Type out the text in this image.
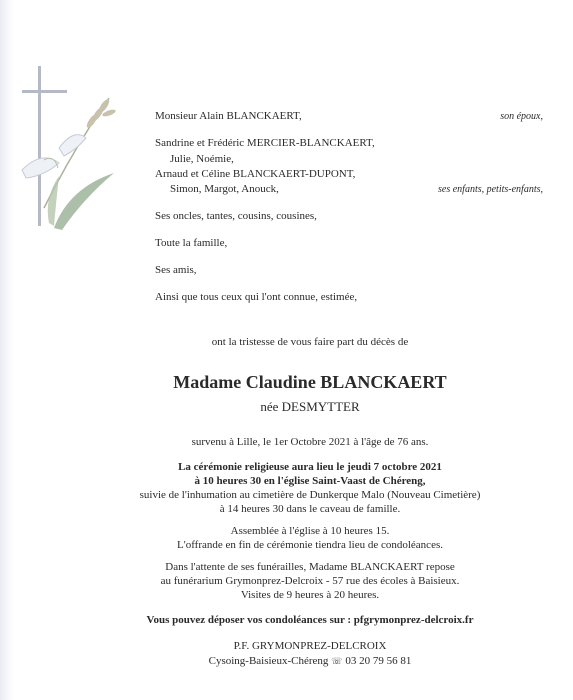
Monsieur Alain BLANCKAERT,	son époux,
Sandrine et Frédéric MERCIER-BLANCKAERT,
Julie, Noémie,
Arnaud et Céline BLANCKAERT-DUPONT,
Simon, Margot, Anouck,	ses enfants, petits-enfants,
Ses oncles, tantes, cousins, cousines,
Toute la famille,
Ses amis,
Ainsi que tous ceux qui l'ont connue, estimée,
ont la tristesse de vous faire part du décès de
Madame Claudine BLANCKAERT
née DESMYTTER
survenu à Lille, le 1er Octobre 2021 à l'âge de 76 ans.
La cérémonie religieuse aura lieu le jeudi 7 octobre 2021
à 10 heures 30 en l'église Saint-Vaast de Chéreng,
suivie de l'inhumation au cimetière de Dunkerque Malo (Nouveau Cimetière)
à 14 heures 30 dans le caveau de famille.
Assemblée à l'église à 10 heures 15.
L'offrande en fin de cérémonie tiendra lieu de condoléances.
Dans l'attente de ses funérailles, Madame BLANCKAERT repose
au funérarium Grymonprez-Delcroix - 57 rue des écoles à Baisieux.
Visites de 9 heures à 20 heures.
Vous pouvez déposer vos condoléances sur : pfgrymonprez-delcroix.fr
P.F. GRYMONPREZ-DELCROIX
Cysoing-Baisieux-Chéreng ☏ 03 20 79 56 81
